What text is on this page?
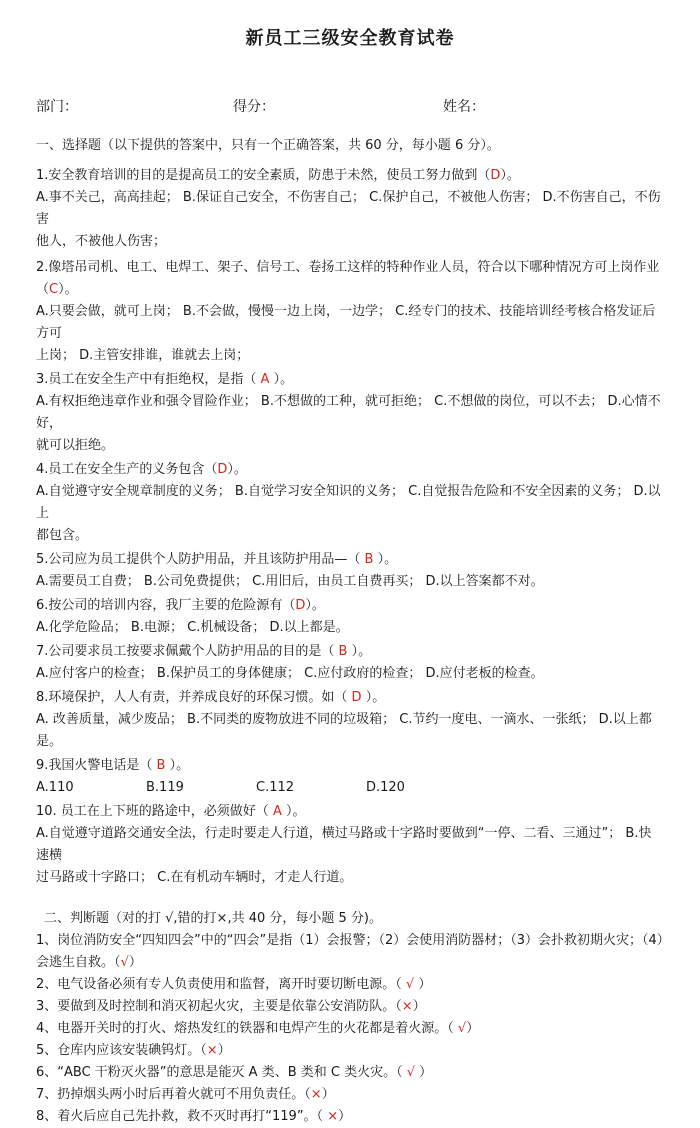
新员工三级安全教育试卷
部门：	得分：	姓名：
一、选择题（以下提供的答案中，只有一个正确答案，共 60 分，每小题 6 分）。
1.安全教育培训的目的是提高员工的安全素质，防患于未然，使员工努力做到（D）。
A.事不关己，高高挂起； B.保证自己安全，不伤害自己； C.保护自己，不被他人伤害； D.不伤害自己，不伤害
他人，不被他人伤害；
2.像塔吊司机、电工、电焊工、架子、信号工、卷扬工这样的特种作业人员，符合以下哪种情况方可上岗作业（C）。
A.只要会做，就可上岗； B.不会做，慢慢一边上岗，一边学； C.经专门的技术、技能培训经考核合格发证后方可
上岗； D.主管安排谁，谁就去上岗；
3.员工在安全生产中有拒绝权，是指（ A ）。
A.有权拒绝违章作业和强令冒险作业； B.不想做的工种，就可拒绝； C.不想做的岗位，可以不去； D.心情不好，
就可以拒绝。
4.员工在安全生产的义务包含（D）。
A.自觉遵守安全规章制度的义务； B.自觉学习安全知识的义务； C.自觉报告危险和不安全因素的义务； D.以上
都包含。
5.公司应为员工提供个人防护用品，并且该防护用品—（ B ）。
A.需要员工自费； B.公司免费提供； C.用旧后，由员工自费再买； D.以上答案都不对。
6.按公司的培训内容，我厂主要的危险源有（D）。
A.化学危险品； B.电源； C.机械设备； D.以上都是。
7.公司要求员工按要求佩戴个人防护用品的目的是（ B ）。
A.应付客户的检查； B.保护员工的身体健康； C.应付政府的检查； D.应付老板的检查。
8.环境保护，人人有责，并养成良好的环保习惯。如（ D ）。
A. 改善质量，减少废品； B.不同类的废物放进不同的垃圾箱； C.节约一度电、一滴水、一张纸； D.以上都是。
9.我国火警电话是（ B ）。
A.110	B.119	C.112	D.120
10. 员工在上下班的路途中，必须做好（ A ）。
A.自觉遵守道路交通安全法，行走时要走人行道，横过马路或十字路时要做到“一停、二看、三通过”； B.快速横
过马路或十字路口； C.在有机动车辆时，才走人行道。
二、判断题（对的打 √,错的打×,共 40 分，每小题 5 分)。
1、岗位消防安全“四知四会”中的“四会”是指（1）会报警；（2）会使用消防器材；（3）会扑救初期火灾；（4）
会逃生自救。（√）
2、电气设备必须有专人负责使用和监督，离开时要切断电源。（ √ ）
3、要做到及时控制和消灭初起火灾，主要是依靠公安消防队。（×）
4、电器开关时的打火、熔热发红的铁器和电焊产生的火花都是着火源。（ √）
5、仓库内应该安装碘钨灯。（×）
6、“ABC 干粉灭火器”的意思是能灭 A 类、B 类和 C 类火灾。（ √ ）
7、扔掉烟头两小时后再着火就可不用负责任。（×）
8、着火后应自己先扑救，救不灭时再打“119”。（ ×）
